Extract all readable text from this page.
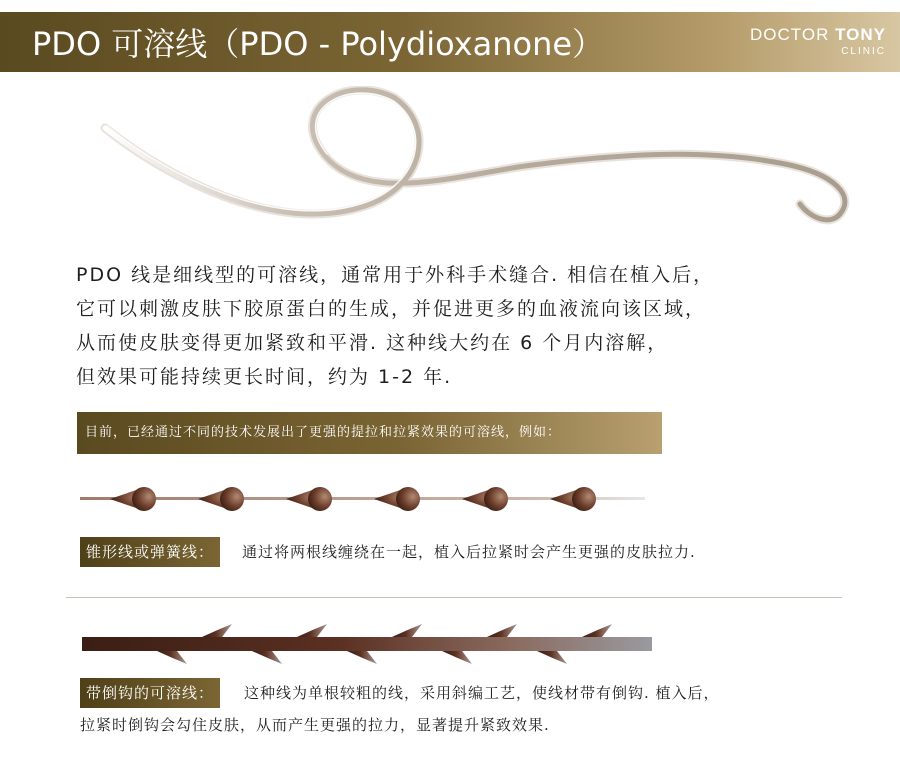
PDO 可溶线（PDO - Polydioxanone）	DOCTOR TONY
CLINIC
PDO 线是细线型的可溶线，通常用于外科手术缝合. 相信在植入后，
它可以刺激皮肤下胶原蛋白的生成，并促进更多的血液流向该区域，
从而使皮肤变得更加紧致和平滑. 这种线大约在 6 个月内溶解，
但效果可能持续更长时间，约为 1-2 年.
目前，已经通过不同的技术发展出了更强的提拉和拉紧效果的可溶线，例如：
锥形线或弹簧线：	通过将两根线缠绕在一起，植入后拉紧时会产生更强的皮肤拉力.
带倒钩的可溶线：	这种线为单根较粗的线，采用斜编工艺，使线材带有倒钩. 植入后，
拉紧时倒钩会勾住皮肤，从而产生更强的拉力，显著提升紧致效果.
